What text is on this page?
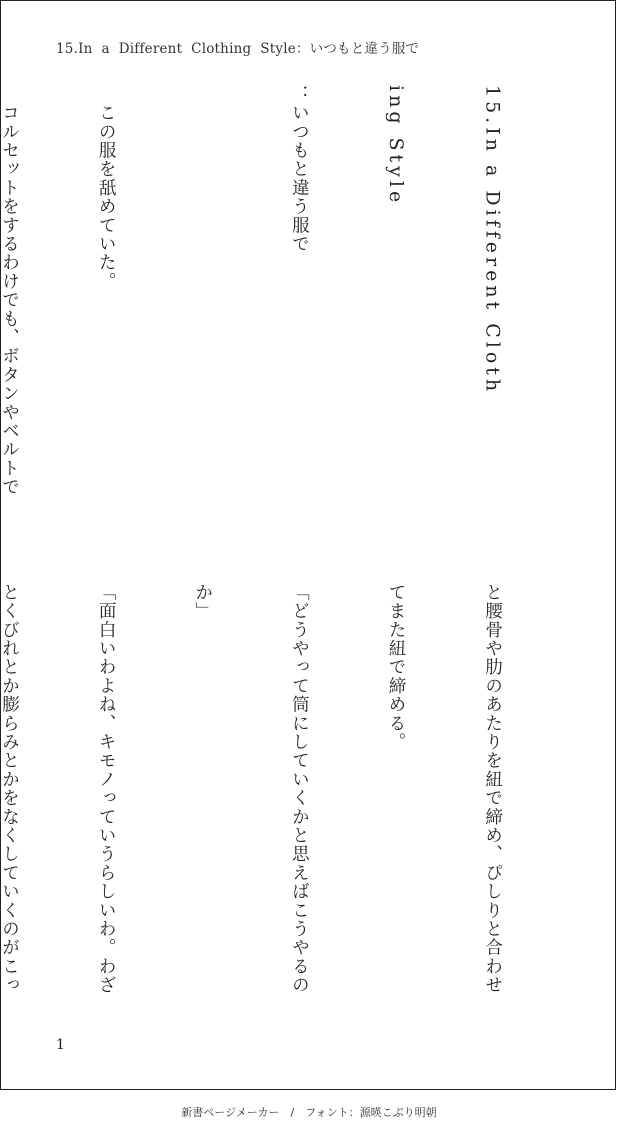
15.In  a  Different  Clothing  Style：いつもと違う服で

15.In a Different Cloth

ing Style

：いつもと違う服で

　この服を舐めていた。

　コルセットをするわけでも、ボタンやベルトで

と腰骨や肋のあたりを紐で締め、ぴしりと合わせ

てまた紐で締める。

「どうやって筒にしていくかと思えばこうやるの

か」

「面白いわよね、キモノっていうらしいわ。わざ

とくびれとか膨らみとかをなくしていくのがこっ

1
新書ページメーカー　/　フォント：源暎こぶり明朝
